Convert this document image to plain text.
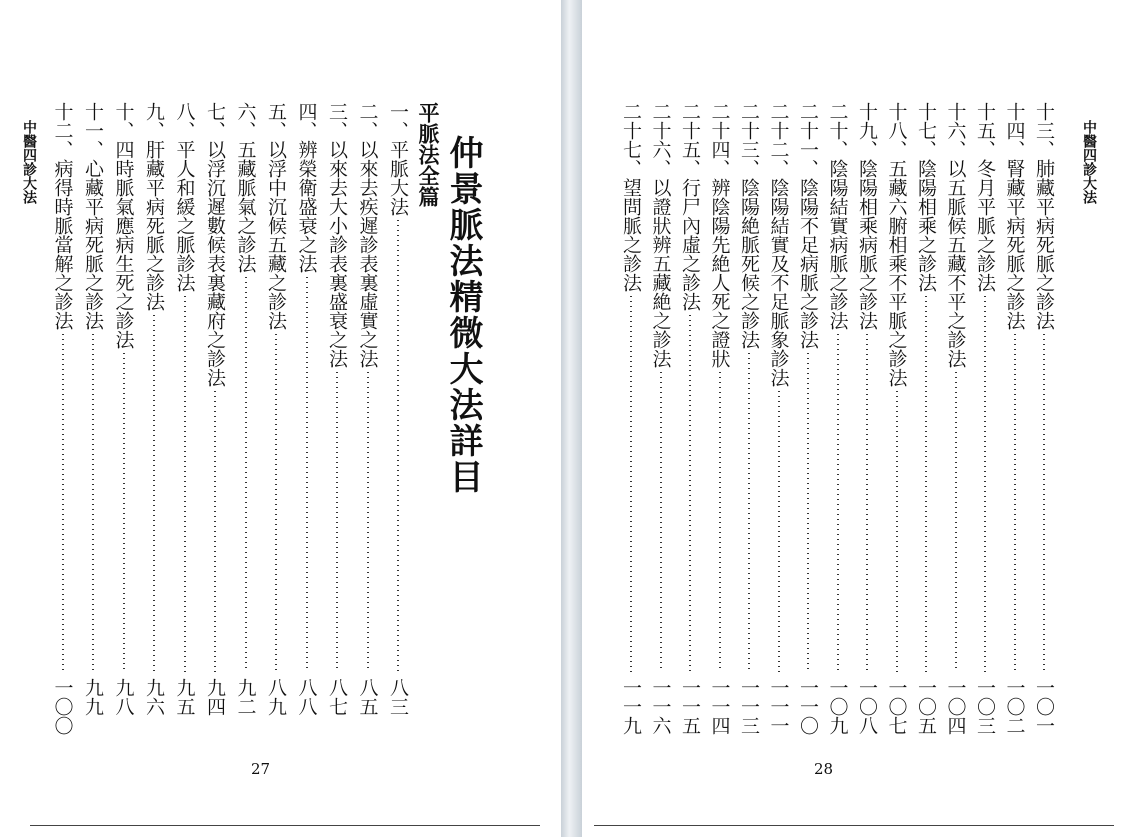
中醫四診大法	仲景脈法精微大法詳目
平脈法全篇
一、平脈大法
八三
二、以來去疾遲診表裏虛實之法
八五
三、以來去大小診表裏盛衰之法
八七
四、辨榮衛盛衰之法
八八
五、以浮中沉候五藏之診法
八九
六、五藏脈氣之診法
九二
七、以浮沉遲數候表裏藏府之診法
九四
八、平人和緩之脈診法
九五
九、肝藏平病死脈之診法
九六
十、四時脈氣應病生死之診法
九八
十一、心藏平病死脈之診法
九九
十二、病得時脈當解之診法
一〇〇
27
中醫四診大法
十三、肺藏平病死脈之診法
一〇一
十四、腎藏平病死脈之診法
一〇二
十五、冬月平脈之診法
一〇三
十六、以五脈候五藏不平之診法
一〇四
十七、陰陽相乘之診法
一〇五
十八、五藏六腑相乘不平脈之診法
一〇七
十九、陰陽相乘病脈之診法
一〇八
二十、陰陽結實病脈之診法
一〇九
二十一、陰陽不足病脈之診法
一一〇
二十二、陰陽結實及不足脈象診法
一一一
二十三、陰陽絶脈死候之診法
一一三
二十四、辨陰陽先絶人死之證狀
一一四
二十五、行尸內虛之診法
一一五
二十六、以證狀辨五藏絶之診法
一一六
二十七、望問脈之診法
一一九
28
